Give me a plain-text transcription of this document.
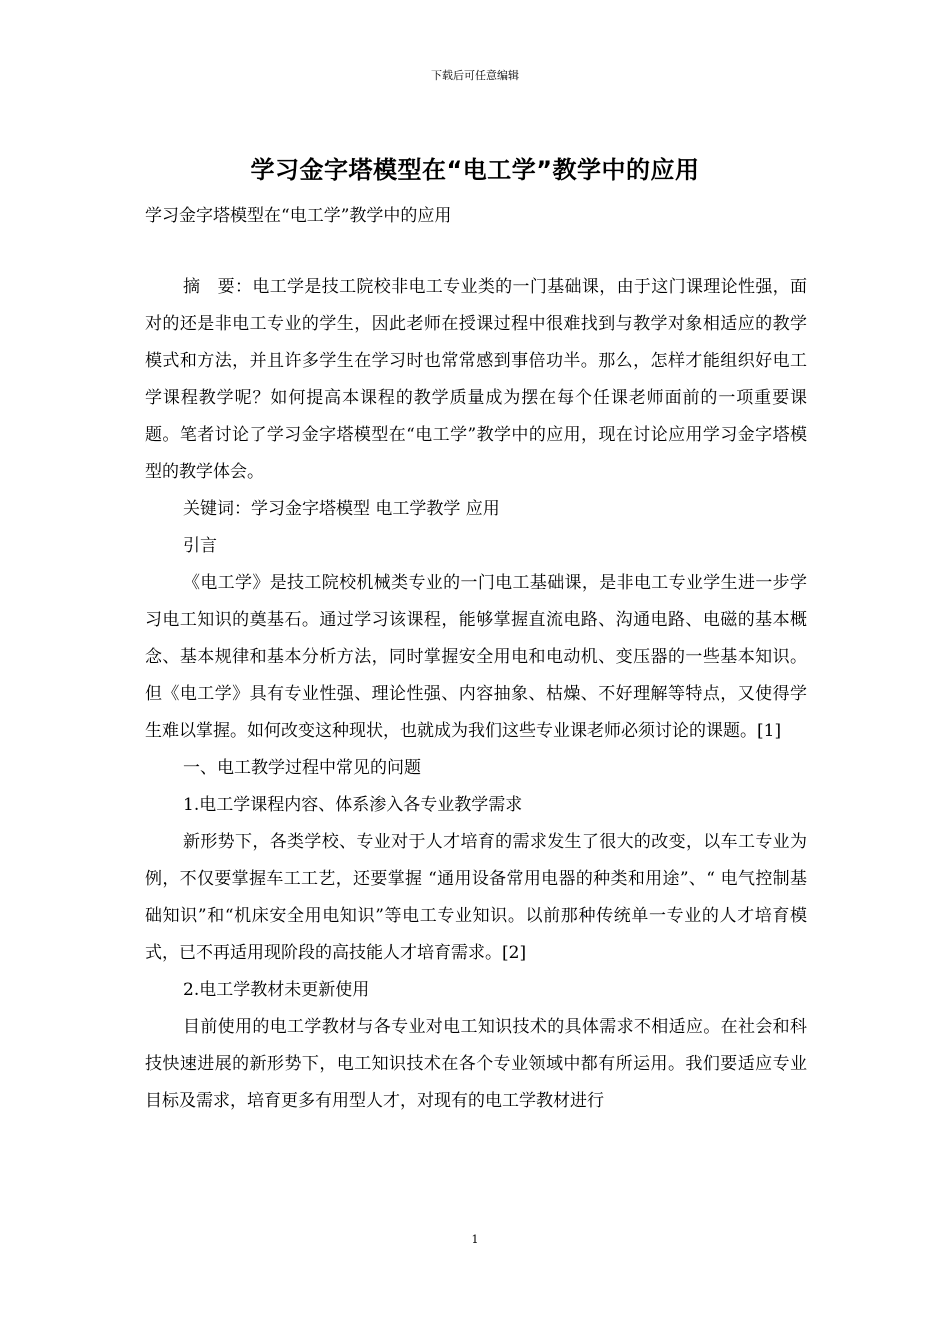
下载后可任意编辑
学习金字塔模型在“电工学”教学中的应用
学习金字塔模型在“电工学”教学中的应用

摘　要：电工学是技工院校非电工专业类的一门基础课，由于这门课理论性强，面对的还是非电工专业的学生，因此老师在授课过程中很难找到与教学对象相适应的教学模式和方法，并且许多学生在学习时也常常感到事倍功半。那么，怎样才能组织好电工学课程教学呢？如何提高本课程的教学质量成为摆在每个任课老师面前的一项重要课题。笔者讨论了学习金字塔模型在“电工学”教学中的应用，现在讨论应用学习金字塔模型的教学体会。

关键词：学习金字塔模型 电工学教学 应用

引言

《电工学》是技工院校机械类专业的一门电工基础课，是非电工专业学生进一步学习电工知识的奠基石。通过学习该课程，能够掌握直流电路、沟通电路、电磁的基本概念、基本规律和基本分析方法，同时掌握安全用电和电动机、变压器的一些基本知识。但《电工学》具有专业性强、理论性强、内容抽象、枯燥、不好理解等特点，又使得学生难以掌握。如何改变这种现状，也就成为我们这些专业课老师必须讨论的课题。[1]

一、电工教学过程中常见的问题

1.电工学课程内容、体系渗入各专业教学需求

新形势下，各类学校、专业对于人才培育的需求发生了很大的改变，以车工专业为例，不仅要掌握车工工艺，还要掌握 “通用设备常用电器的种类和用途”、“ 电气控制基础知识”和“机床安全用电知识”等电工专业知识。以前那种传统单一专业的人才培育模式，已不再适用现阶段的高技能人才培育需求。[2]

2.电工学教材未更新使用

目前使用的电工学教材与各专业对电工知识技术的具体需求不相适应。在社会和科技快速进展的新形势下，电工知识技术在各个专业领域中都有所运用。我们要适应专业目标及需求，培育更多有用型人才，对现有的电工学教材进行

1
